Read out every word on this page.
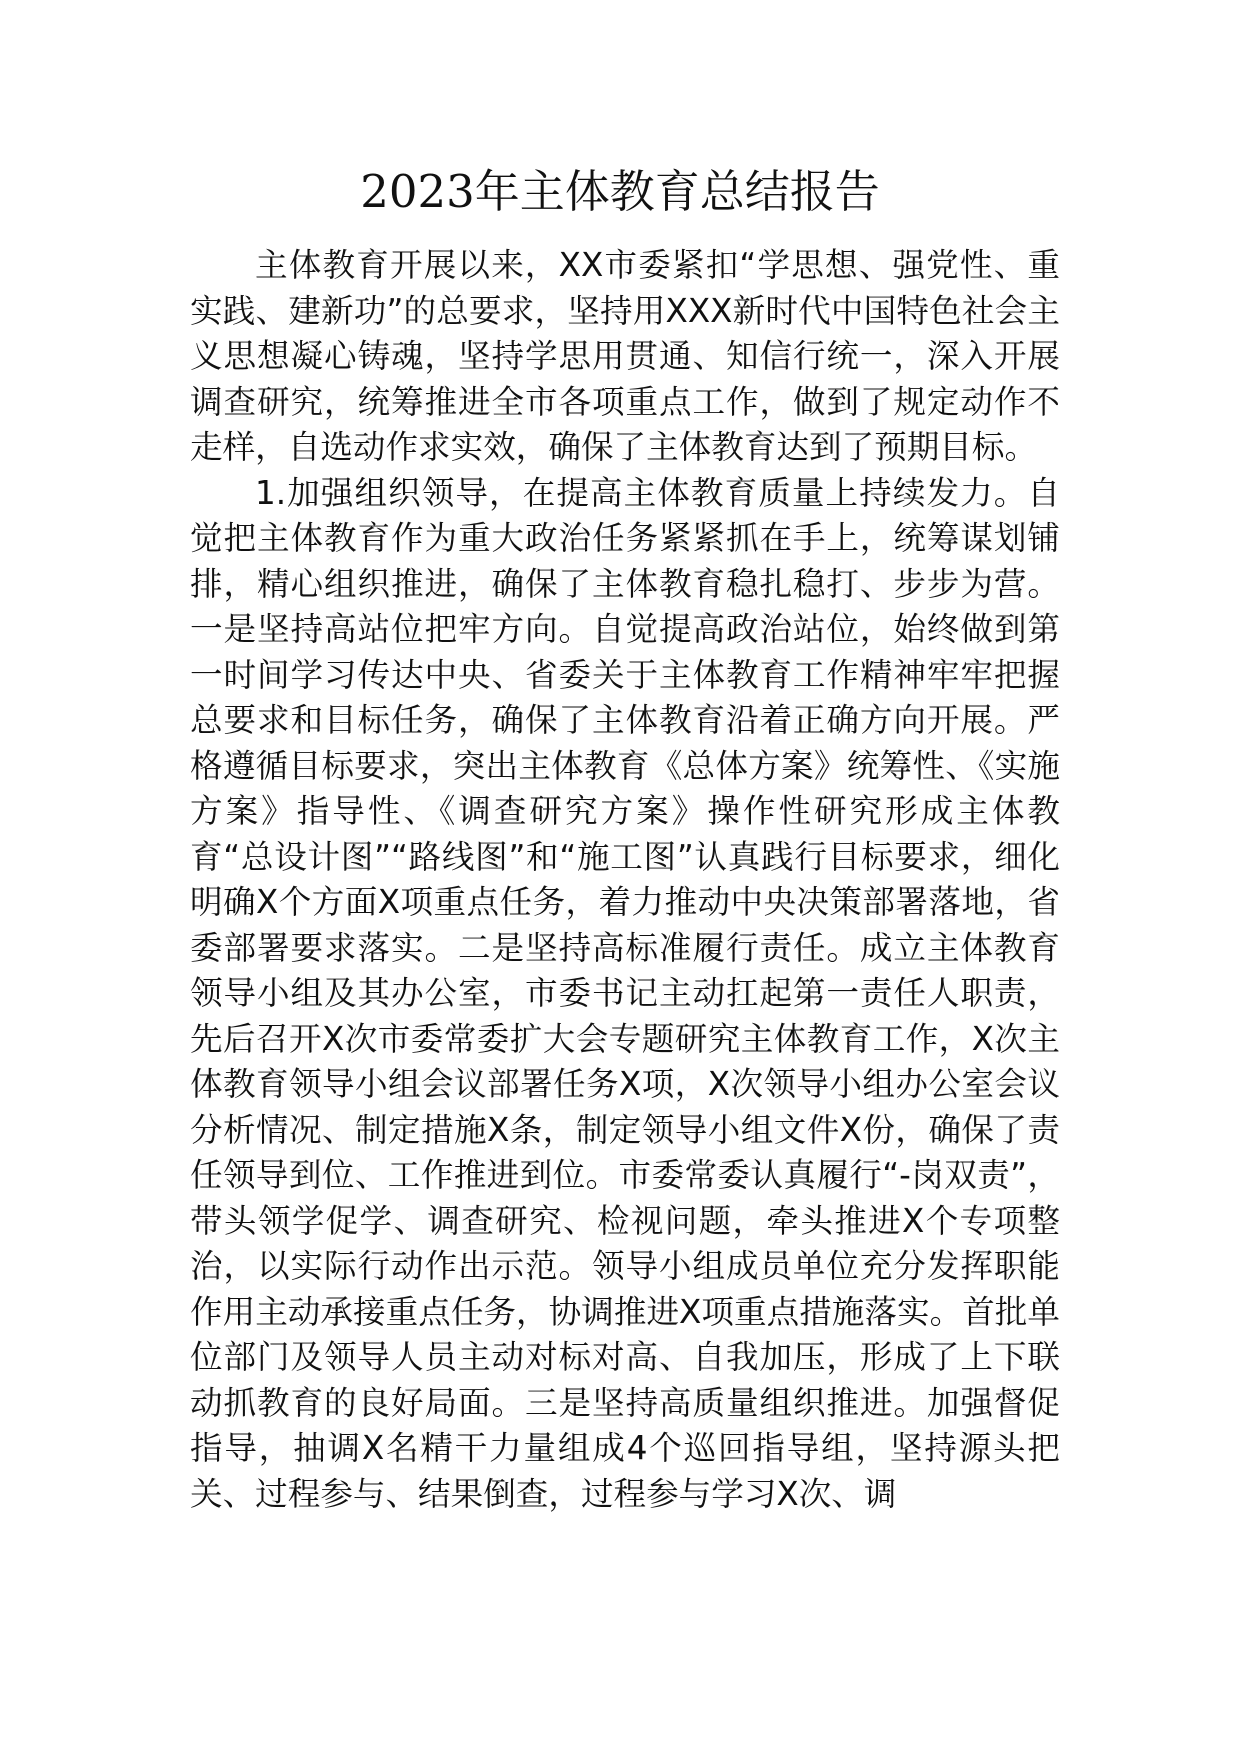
2023年主体教育总结报告

主体教育开展以来，XX市委紧扣“学思想、强党性、重实践、建新功”的总要求，坚持用XXX新时代中国特色社会主义思想凝心铸魂，坚持学思用贯通、知信行统一，深入开展调查研究，统筹推进全市各项重点工作，做到了规定动作不走样，自选动作求实效，确保了主体教育达到了预期目标。

1.加强组织领导，在提高主体教育质量上持续发力。自觉把主体教育作为重大政治任务紧紧抓在手上，统筹谋划铺排，精心组织推进，确保了主体教育稳扎稳打、步步为营。一是坚持高站位把牢方向。自觉提高政治站位，始终做到第一时间学习传达中央、省委关于主体教育工作精神牢牢把握总要求和目标任务，确保了主体教育沿着正确方向开展。严格遵循目标要求，突出主体教育《总体方案》统筹性、《实施方案》指导性、《调查研究方案》操作性研究形成主体教育“总设计图”“路线图”和“施工图”认真践行目标要求，细化明确X个方面X项重点任务，着力推动中央决策部署落地，省委部署要求落实。二是坚持高标准履行责任。成立主体教育领导小组及其办公室，市委书记主动扛起第一责任人职责，先后召开X次市委常委扩大会专题研究主体教育工作，X次主体教育领导小组会议部署任务X项，X次领导小组办公室会议分析情况、制定措施X条，制定领导小组文件X份，确保了责任领导到位、工作推进到位。市委常委认真履行“-岗双责”，带头领学促学、调查研究、检视问题，牵头推进X个专项整治，以实际行动作出示范。领导小组成员单位充分发挥职能作用主动承接重点任务，协调推进X项重点措施落实。首批单位部门及领导人员主动对标对高、自我加压，形成了上下联动抓教育的良好局面。三是坚持高质量组织推进。加强督促指导，抽调X名精干力量组成4个巡回指导组，坚持源头把关、过程参与、结果倒查，过程参与学习X次、调
